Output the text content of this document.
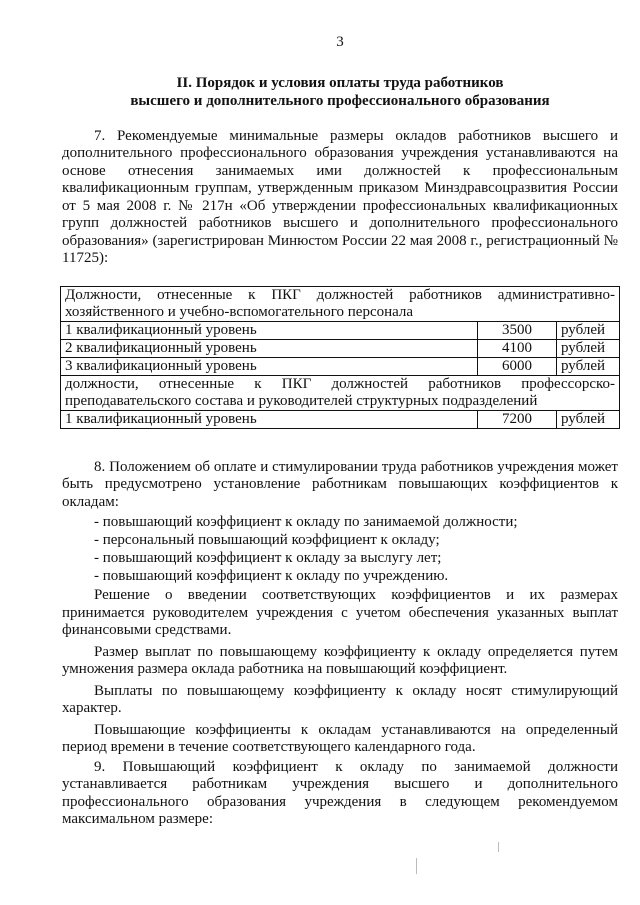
3
II. Порядок и условия оплаты труда работников
высшего и дополнительного профессионального образования

7. Рекомендуемые минимальные размеры окладов работников высшего и дополнительного профессионального образования учреждения устанавливаются на основе отнесения занимаемых ими должностей к профессиональным квалификационным группам, утвержденным приказом Минздравсоцразвития России от 5 мая 2008 г. № 217н «Об утверждении профессиональных квалификационных групп должностей работников высшего и дополнительного профессионального образования» (зарегистрирован Минюстом России 22 мая 2008 г., регистрационный № 11725):

Должности, отнесенные к ПКГ должностей работников административно-хозяйственного и учебно-вспомогательного персонала		
1 квалификационный уровень	3500	рублей
2 квалификационный уровень	4100	рублей
3 квалификационный уровень	6000	рублей
должности, отнесенные к ПКГ должностей работников профессорско-преподавательского состава и руководителей структурных подразделений		
1 квалификационный уровень	7200	рублей

8. Положением об оплате и стимулировании труда работников учреждения может быть предусмотрено установление работникам повышающих коэффициентов к окладам:

- повышающий коэффициент к окладу по занимаемой должности;

- персональный повышающий коэффициент к окладу;

- повышающий коэффициент к окладу за выслугу лет;

- повышающий коэффициент к окладу по учреждению.

Решение о введении соответствующих коэффициентов и их размерах принимается руководителем учреждения с учетом обеспечения указанных выплат финансовыми средствами.

Размер выплат по повышающему коэффициенту к окладу определяется путем умножения размера оклада работника на повышающий коэффициент.

Выплаты по повышающему коэффициенту к окладу носят стимулирующий характер.

Повышающие коэффициенты к окладам устанавливаются на определенный период времени в течение соответствующего календарного года.

9. Повышающий коэффициент к окладу по занимаемой должности устанавливается работникам учреждения высшего и дополнительного профессионального образования учреждения в следующем рекомендуемом максимальном размере:
